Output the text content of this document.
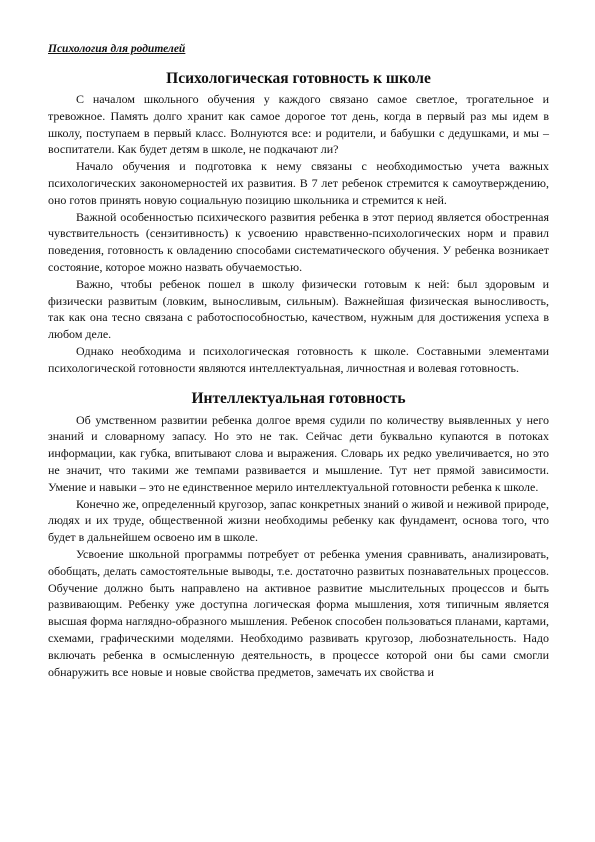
Психология для родителей
Психологическая готовность к школе

С началом школьного обучения у каждого связано самое светлое, трогательное и тревожное. Память долго хранит как самое дорогое тот день, когда в первый раз мы идем в школу, поступаем в первый класс. Волнуются все: и родители, и бабушки с дедушками, и мы – воспитатели. Как будет детям в школе, не подкачают ли?

Начало обучения и подготовка к нему связаны с необходимостью учета важных психологических закономерностей их развития. В 7 лет ребенок стремится к самоутверждению, оно готов принять новую социальную позицию школьника и стремится к ней.

Важной особенностью психического развития ребенка в этот период является обостренная чувствительность (сензитивность) к усвоению нравственно-психологических норм и правил поведения, готовность к овладению способами систематического обучения. У ребенка возникает состояние, которое можно назвать обучаемостью.

Важно, чтобы ребенок пошел в школу физически готовым к ней: был здоровым и физически развитым (ловким, выносливым, сильным). Важнейшая физическая выносливость, так как она тесно связана с работоспособностью, качеством, нужным для достижения успеха в любом деле.

Однако необходима и психологическая готовность к школе. Составными элементами психологической готовности являются интеллектуальная, личностная и волевая готовность.

Интеллектуальная готовность

Об умственном развитии ребенка долгое время судили по количеству выявленных у него знаний и словарному запасу. Но это не так. Сейчас дети буквально купаются в потоках информации, как губка, впитывают слова и выражения. Словарь их редко увеличивается, но это не значит, что такими же темпами развивается и мышление. Тут нет прямой зависимости. Умение и навыки – это не единственное мерило интеллектуальной готовности ребенка к школе.

Конечно же, определенный кругозор, запас конкретных знаний о живой и неживой природе, людях и их труде, общественной жизни необходимы ребенку как фундамент, основа того, что будет в дальнейшем освоено им в школе.

Усвоение школьной программы потребует от ребенка умения сравнивать, анализировать, обобщать, делать самостоятельные выводы, т.е. достаточно развитых познавательных процессов. Обучение должно быть направлено на активное развитие мыслительных процессов и быть развивающим. Ребенку уже доступна логическая форма мышления, хотя типичным является высшая форма наглядно-образного мышления. Ребенок способен пользоваться планами, картами, схемами, графическими моделями. Необходимо развивать кругозор, любознательность. Надо включать ребенка в осмысленную деятельность, в процессе которой они бы сами смогли обнаружить все новые и новые свойства предметов, замечать их свойства и
